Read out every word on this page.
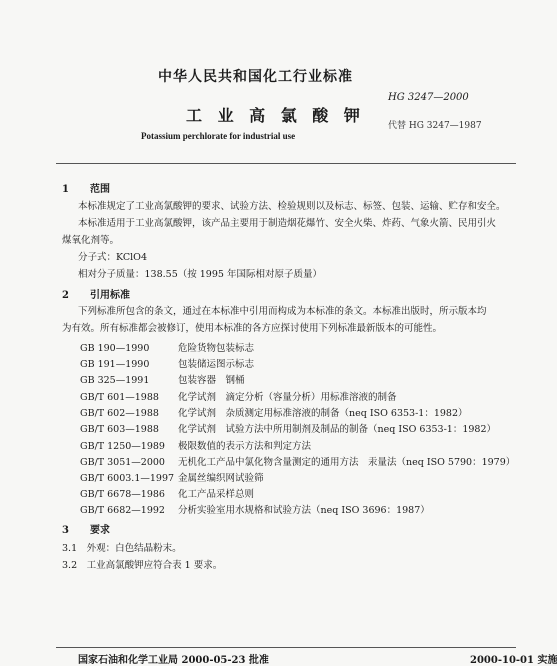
中华人民共和国化工行业标准
HG 3247—2000
工 业 高 氯 酸 钾
Potassium perchlorate for industrial use
代替 HG 3247—1987
1 范围
本标准规定了工业高氯酸钾的要求、试验方法、检验规则以及标志、标签、包装、运输、贮存和安全。
本标准适用于工业高氯酸钾，该产品主要用于制造烟花爆竹、安全火柴、炸药、气象火箭、民用引火
煤氧化剂等。
分子式：KClO4
相对分子质量：138.55（按 1995 年国际相对原子质量）
2 引用标准
下列标准所包含的条文，通过在本标准中引用而构成为本标准的条文。本标准出版时，所示版本均
为有效。所有标准都会被修订，使用本标准的各方应探讨使用下列标准最新版本的可能性。
GB 190—1990	危险货物包装标志
GB 191—1990	包装储运图示标志
GB 325—1991	包装容器　钢桶
GB/T 601—1988 化学试剂　滴定分析（容量分析）用标准溶液的制备
GB/T 602—1988 化学试剂　杂质测定用标准溶液的制备（neq ISO 6353-1：1982）
GB/T 603—1988 化学试剂　试验方法中所用制剂及制品的制备（neq ISO 6353-1：1982）
GB/T 1250—1989 极限数值的表示方法和判定方法
GB/T 3051—2000 无机化工产品中氯化物含量测定的通用方法　汞量法（neq ISO 5790：1979）
GB/T 6003.1—1997 金属丝编织网试验筛
GB/T 6678—1986 化工产品采样总则
GB/T 6682—1992 分析实验室用水规格和试验方法（neq ISO 3696：1987）
3 要求
3.1　外观：白色结晶粉末。
3.2　工业高氯酸钾应符合表 1 要求。
国家石油和化学工业局 2000-05-23 批准	2000-10-01 实施
